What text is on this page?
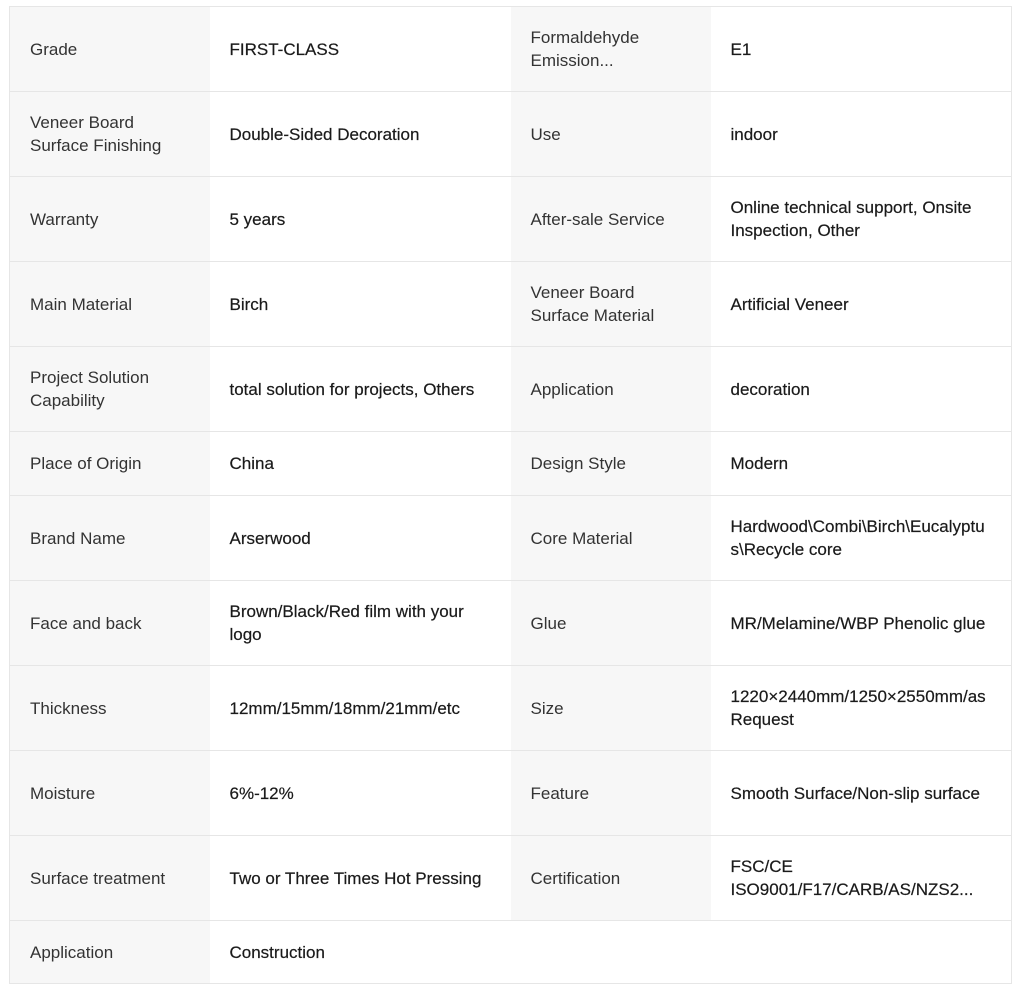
Grade	FIRST-CLASS	Formaldehyde Emission...	E1
Veneer Board Surface Finishing	Double-Sided Decoration	Use	indoor
Warranty	5 years	After-sale Service	Online technical support, Onsite Inspection, Other
Main Material	Birch	Veneer Board Surface Material	Artificial Veneer
Project Solution Capability	total solution for projects, Others	Application	decoration
Place of Origin	China	Design Style	Modern
Brand Name	Arserwood	Core Material	Hardwood\Combi\Birch\Eucalyptus\Recycle core
Face and back	Brown/Black/Red film with your logo	Glue	MR/Melamine/WBP Phenolic glue
Thickness	12mm/15mm/18mm/21mm/etc	Size	1220×2440mm/1250×2550mm/as Request
Moisture	6%-12%	Feature	Smooth Surface/Non-slip surface
Surface treatment	Two or Three Times Hot Pressing	Certification	FSC/CE ISO9001/F17/CARB/AS/NZS2...

Application	Construction		
